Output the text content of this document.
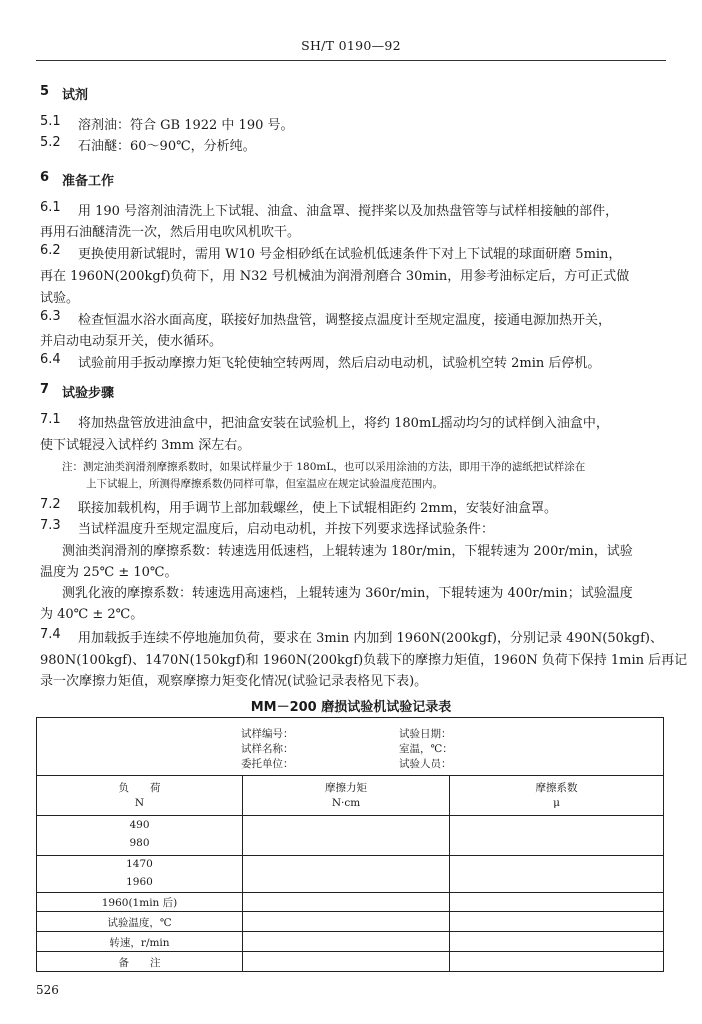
SH/T 0190—92
5 试剂
5.1 溶剂油：符合 GB 1922 中 190 号。
5.2 石油醚：60～90℃，分析纯。
6 准备工作
6.1 用 190 号溶剂油清洗上下试辊、油盒、油盒罩、搅拌桨以及加热盘管等与试样相接触的部件，
再用石油醚清洗一次，然后用电吹风机吹干。
6.2 更换使用新试辊时，需用 W10 号金相砂纸在试验机低速条件下对上下试辊的球面研磨 5min，
再在 1960N(200kgf)负荷下，用 N32 号机械油为润滑剂磨合 30min，用参考油标定后，方可正式做
试验。
6.3 检查恒温水浴水面高度，联接好加热盘管，调整接点温度计至规定温度，接通电源加热开关，
并启动电动泵开关，使水循环。
6.4 试验前用手扳动摩擦力矩飞轮使轴空转两周，然后启动电动机，试验机空转 2min 后停机。
7 试验步骤
7.1 将加热盘管放进油盒中，把油盒安装在试验机上，将约 180mL摇动均匀的试样倒入油盒中，
使下试辊浸入试样约 3mm 深左右。
注：测定油类润滑剂摩擦系数时，如果试样量少于 180mL，也可以采用涂油的方法，即用干净的滤纸把试样涂在
上下试辊上，所测得摩擦系数仍同样可靠，但室温应在规定试验温度范围内。
7.2 联接加载机构，用手调节上部加载螺丝，使上下试辊相距约 2mm，安装好油盒罩。
7.3 当试样温度升至规定温度后，启动电动机，并按下列要求选择试验条件：
测油类润滑剂的摩擦系数：转速选用低速档，上辊转速为 180r/min，下辊转速为 200r/min，试验
温度为 25℃ ± 10℃。
测乳化液的摩擦系数：转速选用高速档，上辊转速为 360r/min，下辊转速为 400r/min；试验温度
为 40℃ ± 2℃。
7.4 用加载扳手连续不停地施加负荷，要求在 3min 内加到 1960N(200kgf)，分别记录 490N(50kgf)、
980N(100kgf)、1470N(150kgf)和 1960N(200kgf)负载下的摩擦力矩值，1960N 负荷下保持 1min 后再记
录一次摩擦力矩值，观察摩擦力矩变化情况(试验记录表格见下表)。
MM－200 磨损试验机试验记录表
试样编号：
试样名称：
委托单位：
试验日期：
室温，℃：
试验人员：
负　　荷
N
摩擦力矩
N·cm
摩擦系数
μ
490
980
1470
1960
1960(1min 后)
试验温度，℃
转速，r/min
备　　注
526
